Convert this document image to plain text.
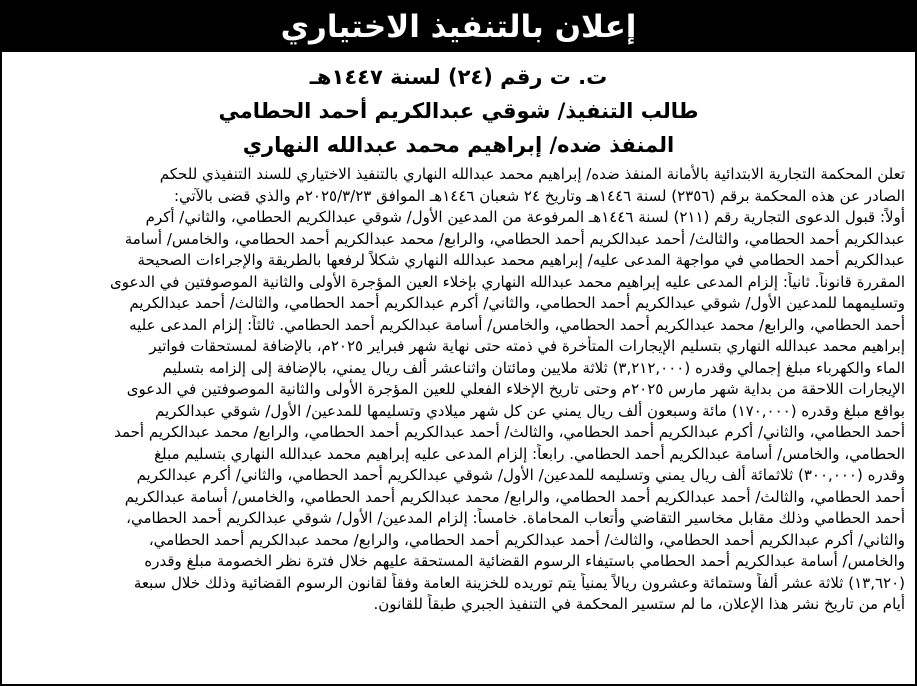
إعلان بالتنفيذ الاختياري
ت. ت رقم (٢٤) لسنة ١٤٤٧هـ
طالب التنفيذ/ شوقي عبدالكريم أحمد الحطامي
المنفذ ضده/ إبراهيم محمد عبدالله النهاري
تعلن المحكمة التجارية الابتدائية بالأمانة المنفذ ضده/ إبراهيم محمد عبدالله النهاري بالتنفيذ الاختياري للسند التنفيذي للحكم
الصادر عن هذه المحكمة برقم (٢٣٥٦) لسنة ١٤٤٦هـ وتاريخ ٢٤ شعبان ١٤٤٦هـ الموافق ٢٠٢٥/٣/٢٣م والذي قضى بالآتي:
أولاً: قبول الدعوى التجارية رقم (٢١١) لسنة ١٤٤٦هـ المرفوعة من المدعين الأول/ شوقي عبدالكريم الحطامي، والثاني/ أكرم
عبدالكريم أحمد الحطامي، والثالث/ أحمد عبدالكريم أحمد الحطامي، والرابع/ محمد عبدالكريم أحمد الحطامي، والخامس/ أسامة
عبدالكريم أحمد الحطامي في مواجهة المدعى عليه/ إبراهيم محمد عبدالله النهاري شكلاً لرفعها بالطريقة والإجراءات الصحيحة
المقررة قانوناً. ثانياً: إلزام المدعى عليه إبراهيم محمد عبدالله النهاري بإخلاء العين المؤجرة الأولى والثانية الموصوفتين في الدعوى
وتسليمهما للمدعين الأول/ شوقي عبدالكريم أحمد الحطامي، والثاني/ أكرم عبدالكريم أحمد الحطامي، والثالث/ أحمد عبدالكريم
أحمد الحطامي، والرابع/ محمد عبدالكريم أحمد الحطامي، والخامس/ أسامة عبدالكريم أحمد الحطامي. ثالثاً: إلزام المدعى عليه
إبراهيم محمد عبدالله النهاري بتسليم الإيجارات المتأخرة في ذمته حتى نهاية شهر فبراير ٢٠٢٥م، بالإضافة لمستحقات فواتير
الماء والكهرباء مبلغ إجمالي وقدره (٣,٢١٢,٠٠٠) ثلاثة ملايين ومائتان واثناعشر ألف ريال يمني، بالإضافة إلى إلزامه بتسليم
الإيجارات اللاحقة من بداية شهر مارس ٢٠٢٥م وحتى تاريخ الإخلاء الفعلي للعين المؤجرة الأولى والثانية الموصوفتين في الدعوى
بواقع مبلغ وقدره (١٧٠,٠٠٠) مائة وسبعون ألف ريال يمني عن كل شهر ميلادي وتسليمها للمدعين/ الأول/ شوقي عبدالكريم
أحمد الحطامي، والثاني/ أكرم عبدالكريم أحمد الحطامي، والثالث/ أحمد عبدالكريم أحمد الحطامي، والرابع/ محمد عبدالكريم أحمد
الحطامي، والخامس/ أسامة عبدالكريم أحمد الحطامي. رابعاً: إلزام المدعى عليه إبراهيم محمد عبدالله النهاري بتسليم مبلغ
وقدره (٣٠٠,٠٠٠) ثلاثمائة ألف ريال يمني وتسليمه للمدعين/ الأول/ شوقي عبدالكريم أحمد الحطامي، والثاني/ أكرم عبدالكريم
أحمد الحطامي، والثالث/ أحمد عبدالكريم أحمد الحطامي، والرابع/ محمد عبدالكريم أحمد الحطامي، والخامس/ أسامة عبدالكريم
أحمد الحطامي وذلك مقابل مخاسير التقاضي وأتعاب المحاماة. خامساً: إلزام المدعين/ الأول/ شوقي عبدالكريم أحمد الحطامي،
والثاني/ أكرم عبدالكريم أحمد الحطامي، والثالث/ أحمد عبدالكريم أحمد الحطامي، والرابع/ محمد عبدالكريم أحمد الحطامي،
والخامس/ أسامة عبدالكريم أحمد الحطامي باستيفاء الرسوم القضائية المستحقة عليهم خلال فترة نظر الخصومة مبلغ وقدره
(١٣,٦٢٠) ثلاثة عشر ألفاً وستمائة وعشرون ريالاً يمنياً يتم توريده للخزينة العامة وفقاً لقانون الرسوم القضائية وذلك خلال سبعة
أيام من تاريخ نشر هذا الإعلان، ما لم ستسير المحكمة في التنفيذ الجبري طبقاً للقانون.
